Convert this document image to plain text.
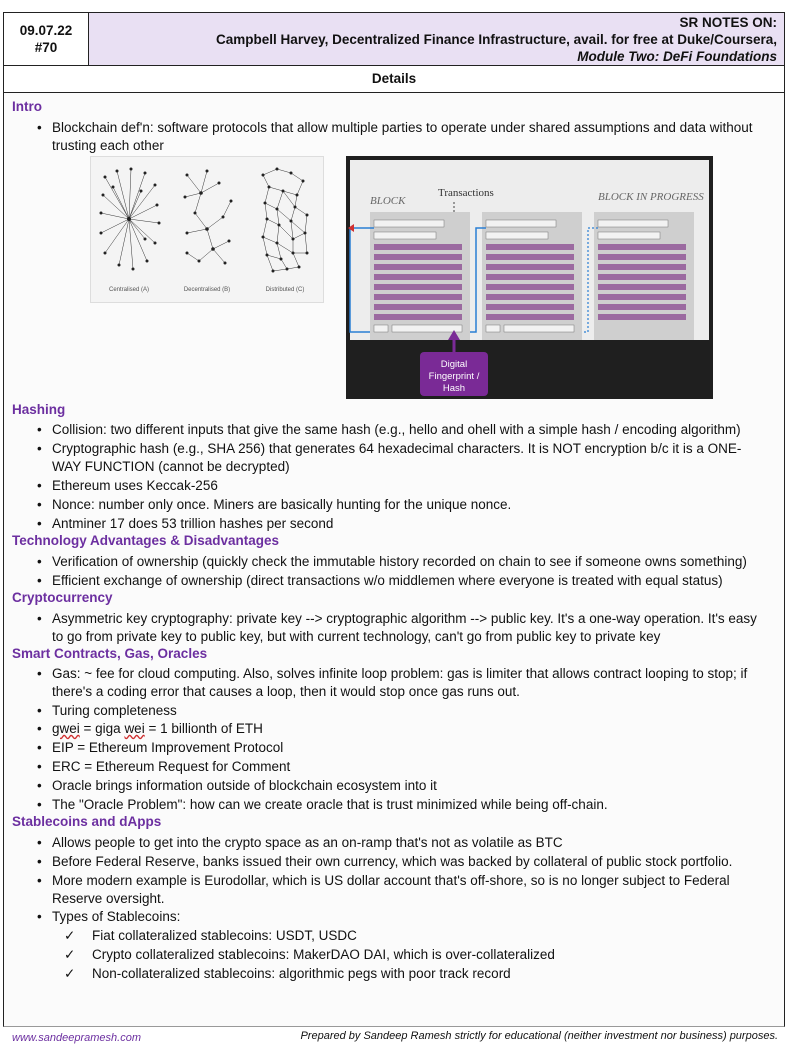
09.07.22
#70
SR NOTES ON:
Campbell Harvey, Decentralized Finance Infrastructure, avail. for free at Duke/Coursera,
Module Two: DeFi Foundations
Details
Intro
• Blockchain def'n: software protocols that allow multiple parties to operate under shared assumptions and data without trusting each other
Centralised (A)	Decentralised (B)	Distributed (C)
BLOCK
Transactions	BLOCK IN PROGRESS
Digital
Fingerprint /
Hash
Hashing
• Collision: two different inputs that give the same hash (e.g., hello and ohell with a simple hash / encoding algorithm)
• Cryptographic hash (e.g., SHA 256) that generates 64 hexadecimal characters. It is NOT encryption b/c it is a ONE-WAY FUNCTION (cannot be decrypted)
• Ethereum uses Keccak-256
• Nonce: number only once. Miners are basically hunting for the unique nonce.
• Antminer 17 does 53 trillion hashes per second
Technology Advantages & Disadvantages
• Verification of ownership (quickly check the immutable history recorded on chain to see if someone owns something)
• Efficient exchange of ownership (direct transactions w/o middlemen where everyone is treated with equal status)
Cryptocurrency
• Asymmetric key cryptography: private key --> cryptographic algorithm --> public key. It's a one-way operation. It's easy to go from private key to public key, but with current technology, can't go from public key to private key
Smart Contracts, Gas, Oracles
• Gas: ~ fee for cloud computing. Also, solves infinite loop problem: gas is limiter that allows contract looping to stop; if there's a coding error that causes a loop, then it would stop once gas runs out.
• Turing completeness
• gwei = giga wei = 1 billionth of ETH
• EIP = Ethereum Improvement Protocol
• ERC = Ethereum Request for Comment
• Oracle brings information outside of blockchain ecosystem into it
• The "Oracle Problem": how can we create oracle that is trust minimized while being off-chain.
Stablecoins and dApps
• Allows people to get into the crypto space as an on-ramp that's not as volatile as BTC
• Before Federal Reserve, banks issued their own currency, which was backed by collateral of public stock portfolio.
• More modern example is Eurodollar, which is US dollar account that's off-shore, so is no longer subject to Federal Reserve oversight.
• Types of Stablecoins:
✓ Fiat collateralized stablecoins: USDT, USDC
✓ Crypto collateralized stablecoins: MakerDAO DAI, which is over-collateralized
✓ Non-collateralized stablecoins: algorithmic pegs with poor track record
www.sandeepramesh.com	Prepared by Sandeep Ramesh strictly for educational (neither investment nor business) purposes.
